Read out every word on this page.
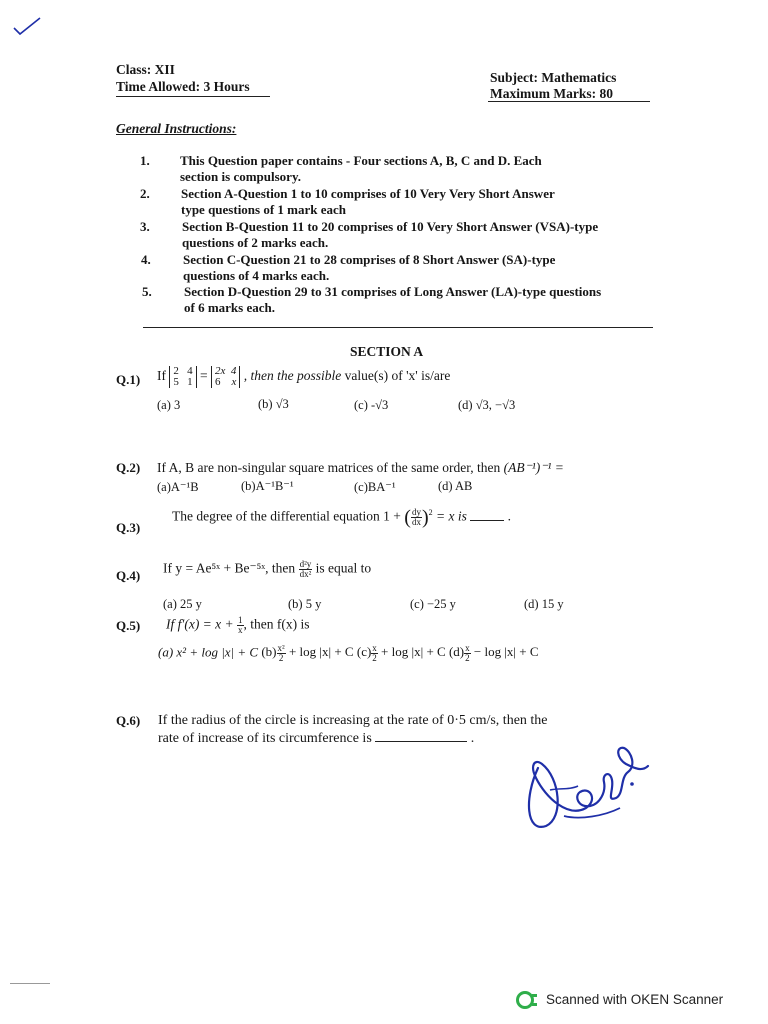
Class: XII
Time Allowed: 3 Hours
Subject: Mathematics
Maximum Marks: 80
General Instructions:
1. This Question paper contains - Four sections A, B, C and D. Each
section is compulsory.
2. Section A-Question 1 to 10 comprises of 10 Very Very Short Answer
type questions of 1 mark each
3. Section B-Question 11 to 20 comprises of 10 Very Short Answer (VSA)-type
questions of 2 marks each.
4. Section C-Question 21 to 28 comprises of 8 Short Answer (SA)-type
questions of 4 marks each.
5. Section D-Question 29 to 31 comprises of Long Answer (LA)-type questions
of 6 marks each.
SECTION A
Q.1) If 2   4
5   1 = 2x  4
6    x , then the possible value(s) of 'x' is/are
(a) 3	(b) √3	(c) -√3	(d) √3, −√3
Q.2) If A, B are non-singular square matrices of the same order, then (AB⁻¹)⁻¹ =
(a)A⁻¹B	(b)A⁻¹B⁻¹	(c)BA⁻¹	(d) AB
Q.3)
The degree of the differential equation 1 + ( $\frac{dy}{dx} )^2 = x$ is	.
Q.4) If y = Ae⁵ˣ + Be⁻⁵ˣ, then $\frac{\text{d²y}}{\text{dx²}}$ is equal to
(a) 25 y	(b) 5 y	(c) −25 y	(d) 15 y
Q.5) If $f'(x) = x + \frac{1}{x}$ , then f(x) is
(a) x² + log |x| + C $(b) \frac{\text{x²}}{2} + \log |x| + C$ $(c) \frac{x}{2} + \log |x| + C$ $(d) \frac{x}{2} - \log |x| + C$
Q.6) If the radius of the circle is increasing at the rate of 0·5 cm/s, then the
rate of increase of its circumference is	.
Scanned with OKEN Scanner
